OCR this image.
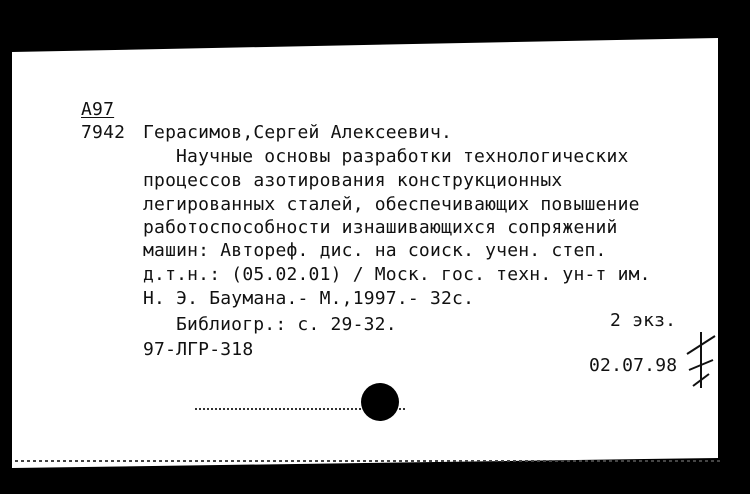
А97
7942 Герасимов,Сергей Алексеевич.
Научные основы разработки технологических
процессов азотирования конструкционных
легированных сталей, обеспечивающих повышение
работоспособности изнашивающихся сопряжений
машин: Автореф. дис. на соиск. учен. степ.
д.т.н.: (05.02.01) / Моск. гос. техн. ун-т им.
Н. Э. Баумана.- М.,1997.- 32с.
Библиогр.: с. 29-32.	2 экз.
97-ЛГР-318
02.07.98
